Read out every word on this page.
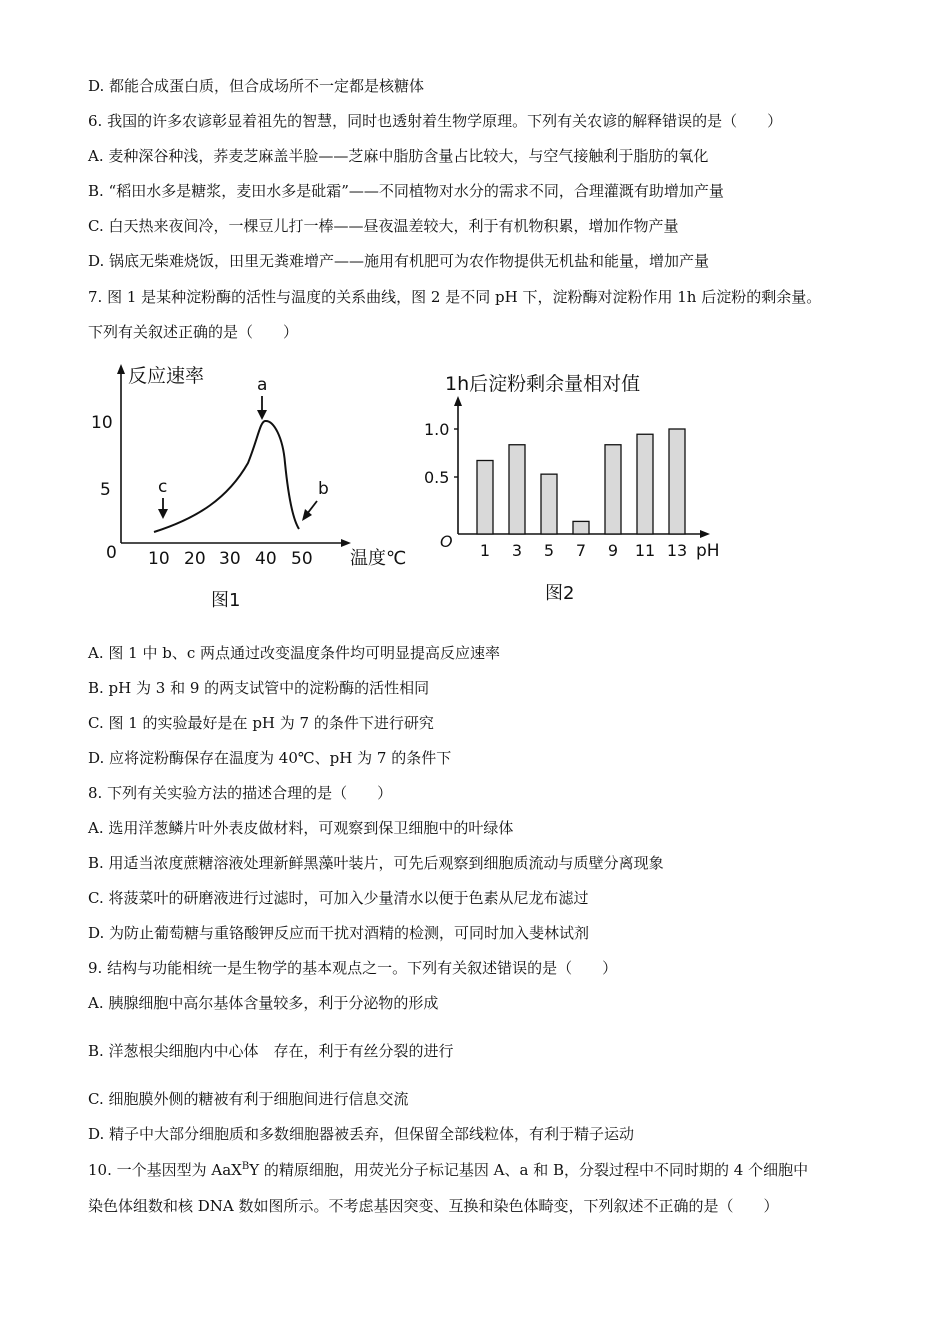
D. 都能合成蛋白质，但合成场所不一定都是核糖体
6. 我国的许多农谚彰显着祖先的智慧，同时也透射着生物学原理。下列有关农谚的解释错误的是（　　）
A. 麦种深谷种浅，荞麦芝麻盖半脸——芝麻中脂肪含量占比较大，与空气接触利于脂肪的氧化
B. “稻田水多是糖浆，麦田水多是砒霜”——不同植物对水分的需求不同，合理灌溉有助增加产量
C. 白天热来夜间冷，一棵豆儿打一棒——昼夜温差较大，利于有机物积累，增加作物产量
D. 锅底无柴难烧饭，田里无粪难增产——施用有机肥可为农作物提供无机盐和能量，增加产量
7. 图 1 是某种淀粉酶的活性与温度的关系曲线，图 2 是不同 pH 下，淀粉酶对淀粉作用 1h 后淀粉的剩余量。
下列有关叙述正确的是（　　）
反应速率
10
5
0 10 20 30 40 50 温度℃
a
c	b
图1
1h后淀粉剩余量相对值
1.0
0.5
O 1 3 5 7 9 11 13 pH
图2
A. 图 1 中 b、c 两点通过改变温度条件均可明显提高反应速率
B. pH 为 3 和 9 的两支试管中的淀粉酶的活性相同
C. 图 1 的实验最好是在 pH 为 7 的条件下进行研究
D. 应将淀粉酶保存在温度为 40℃、pH 为 7 的条件下
8. 下列有关实验方法的描述合理的是（　　）
A. 选用洋葱鳞片叶外表皮做材料，可观察到保卫细胞中的叶绿体
B. 用适当浓度蔗糖溶液处理新鲜黑藻叶装片，可先后观察到细胞质流动与质壁分离现象
C. 将菠菜叶的研磨液进行过滤时，可加入少量清水以便于色素从尼龙布滤过
D. 为防止葡萄糖与重铬酸钾反应而干扰对酒精的检测，可同时加入斐林试剂
9. 结构与功能相统一是生物学的基本观点之一。下列有关叙述错误的是（　　）
A. 胰腺细胞中高尔基体含量较多，利于分泌物的形成
B. 洋葱根尖细胞内中心体　存在，利于有丝分裂的进行
C. 细胞膜外侧的糖被有利于细胞间进行信息交流
D. 精子中大部分细胞质和多数细胞器被丢弃，但保留全部线粒体，有利于精子运动
10. 一个基因型为 AaX$^B$Y 的精原细胞，用荧光分子标记基因 A、a 和 B，分裂过程中不同时期的 4 个细胞中
染色体组数和核 DNA 数如图所示。不考虑基因突变、互换和染色体畸变，下列叙述不正确的是（　　）
